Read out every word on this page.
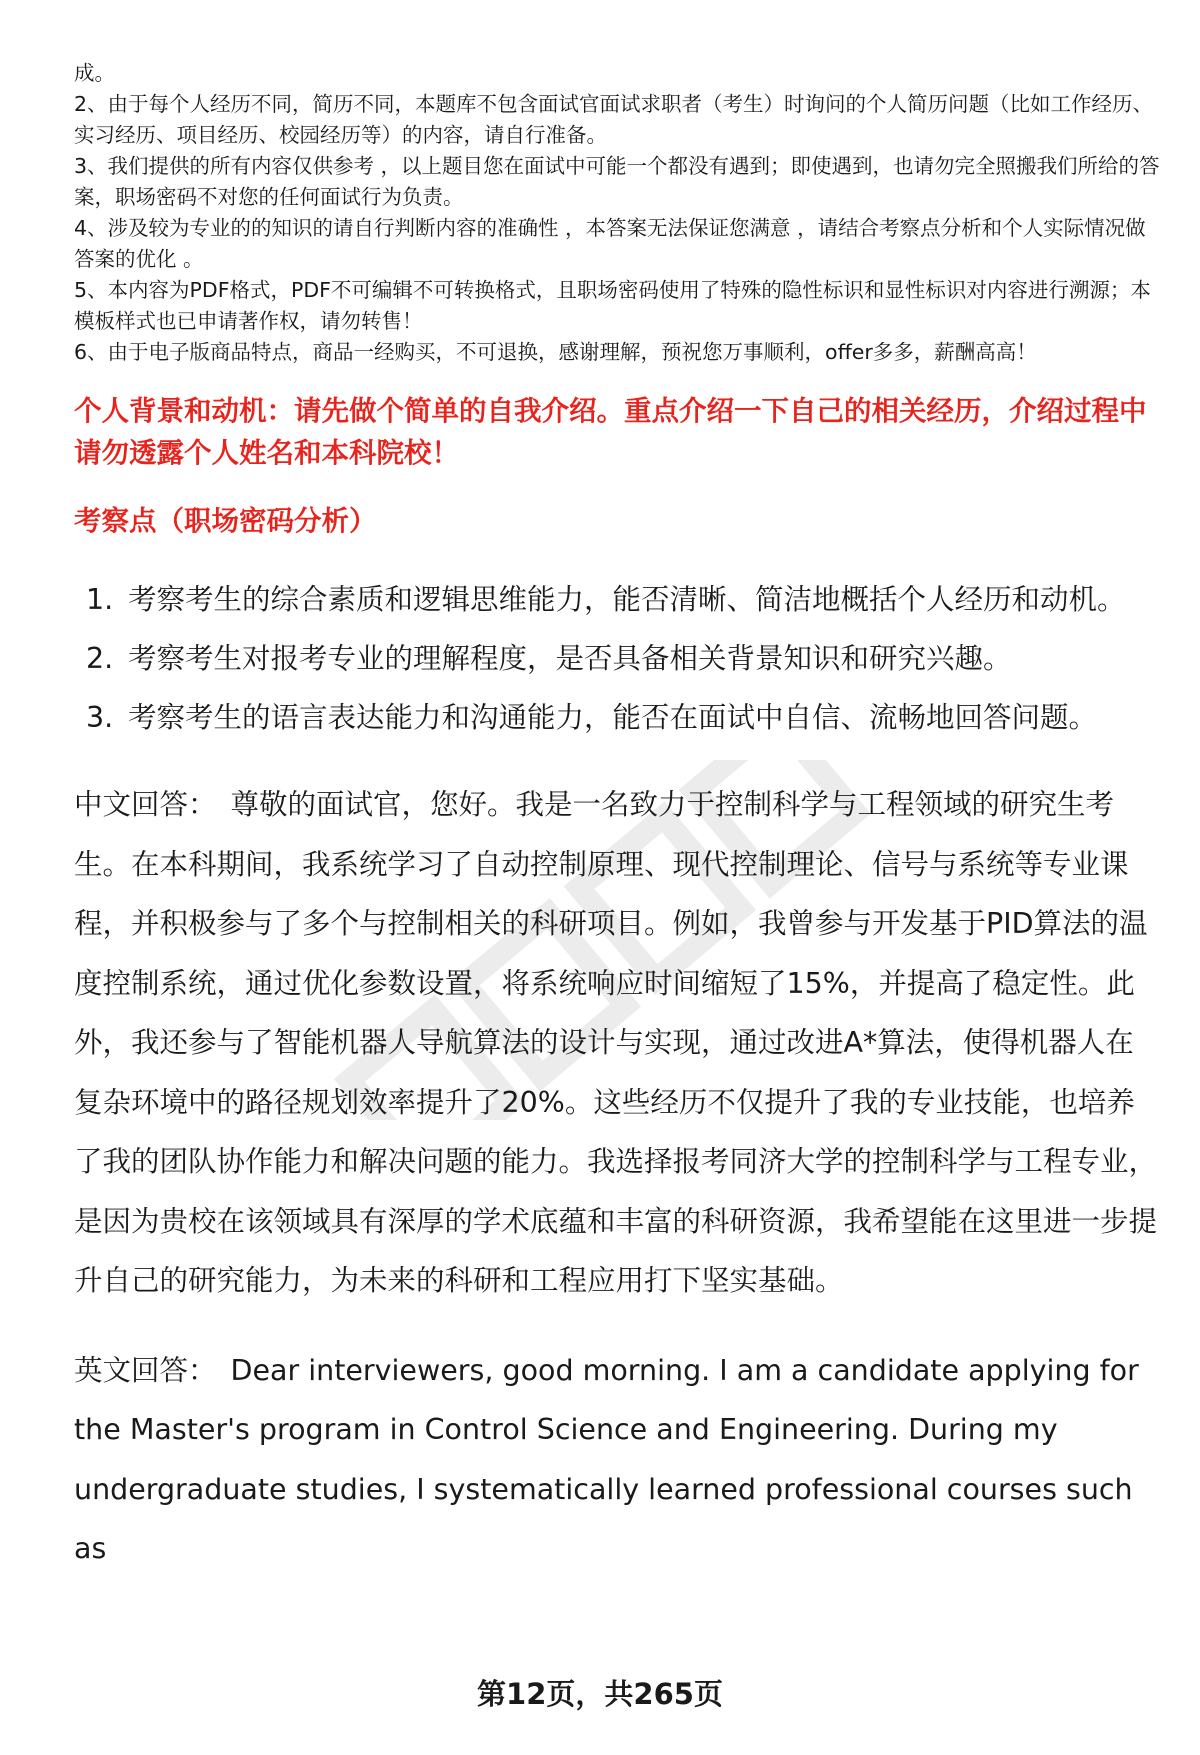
成。

2、由于每个人经历不同，简历不同，本题库不包含面试官面试求职者（考生）时询问的个人简历问题（比如工作经历、实习经历、项目经历、校园经历等）的内容，请自行准备。

3、我们提供的所有内容仅供参考 ，以上题目您在面试中可能一个都没有遇到；即使遇到，也请勿完全照搬我们所给的答案，职场密码不对您的任何面试行为负责。

4、涉及较为专业的的知识的请自行判断内容的准确性 ，本答案无法保证您满意 ，请结合考察点分析和个人实际情况做答案的优化 。

5、本内容为PDF格式，PDF不可编辑不可转换格式，且职场密码使用了特殊的隐性标识和显性标识对内容进行溯源；本模板样式也已申请著作权，请勿转售！

6、由于电子版商品特点，商品一经购买，不可退换，感谢理解，预祝您万事顺利，offer多多，薪酬高高！

个人背景和动机：请先做个简单的自我介绍。重点介绍一下自己的相关经历，介绍过程中请勿透露个人姓名和本科院校！
考察点（职场密码分析）
1. 考察考生的综合素质和逻辑思维能力，能否清晰、简洁地概括个人经历和动机。
2. 考察考生对报考专业的理解程度，是否具备相关背景知识和研究兴趣。
3. 考察考生的语言表达能力和沟通能力，能否在面试中自信、流畅地回答问题。

中文回答： 尊敬的面试官，您好。我是一名致力于控制科学与工程领域的研究生考生。在本科期间，我系统学习了自动控制原理、现代控制理论、信号与系统等专业课程，并积极参与了多个与控制相关的科研项目。例如，我曾参与开发基于PID算法的温度控制系统，通过优化参数设置，将系统响应时间缩短了15%，并提高了稳定性。此外，我还参与了智能机器人导航算法的设计与实现，通过改进A*算法，使得机器人在复杂环境中的路径规划效率提升了20%。这些经历不仅提升了我的专业技能，也培养了我的团队协作能力和解决问题的能力。我选择报考同济大学的控制科学与工程专业，是因为贵校在该领域具有深厚的学术底蕴和丰富的科研资源，我希望能在这里进一步提升自己的研究能力，为未来的科研和工程应用打下坚实基础。

英文回答： Dear interviewers, good morning. I am a candidate applying for the Master's program in Control Science and Engineering. During my undergraduate studies, I systematically learned professional courses such as

第12页，共265页
